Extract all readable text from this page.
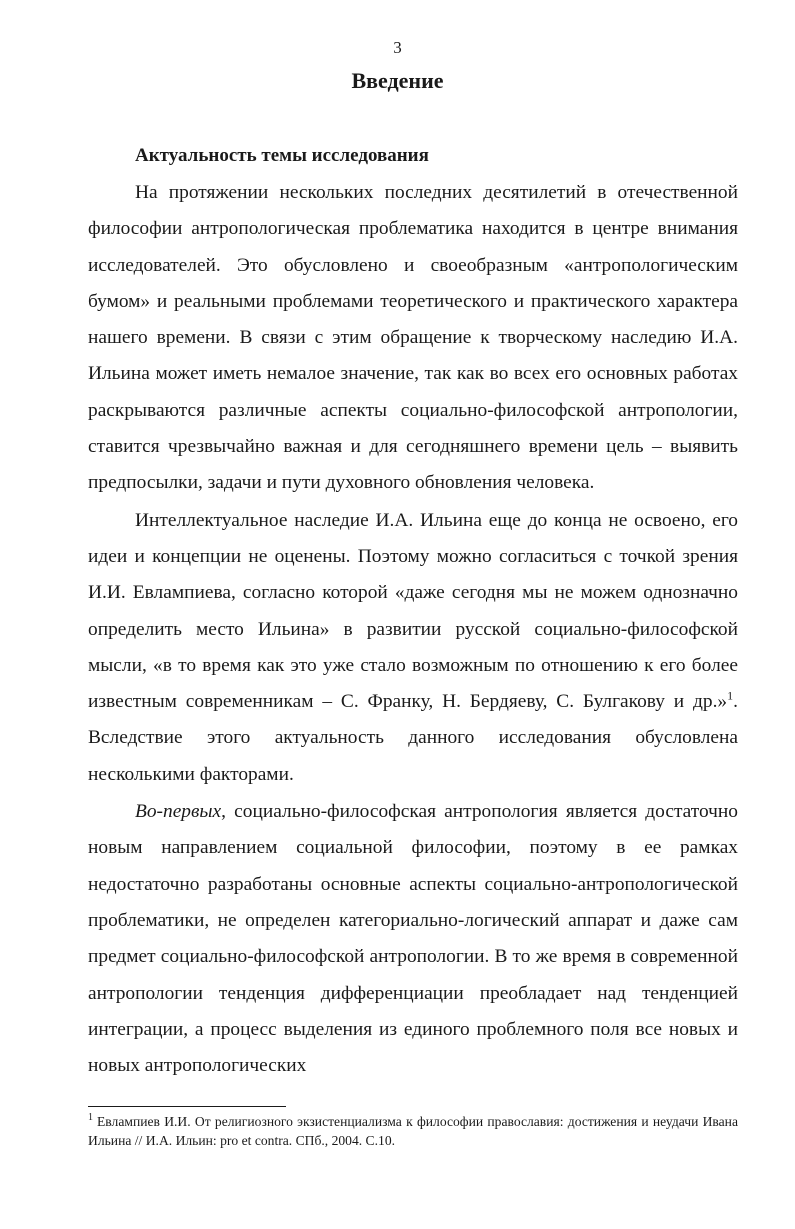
3
Введение
Актуальность темы исследования

На протяжении нескольких последних десятилетий в отечественной философии антропологическая проблематика находится в центре внимания исследователей. Это обусловлено и своеобразным «антропологическим бумом» и реальными проблемами теоретического и практического характера нашего времени. В связи с этим обращение к творческому наследию И.А. Ильина может иметь немалое значение, так как во всех его основных работах раскрываются различные аспекты социально-философской антропологии, ставится чрезвычайно важная и для сегодняшнего времени цель – выявить предпосылки, задачи и пути духовного обновления человека.

Интеллектуальное наследие И.А. Ильина еще до конца не освоено, его идеи и концепции не оценены. Поэтому можно согласиться с точкой зрения И.И. Евлампиева, согласно которой «даже сегодня мы не можем однозначно определить место Ильина» в развитии русской социально-философской мысли, «в то время как это уже стало возможным по отношению к его более известным современникам – С. Франку, Н. Бердяеву, С. Булгакову и др.»$^1$. Вследствие этого актуальность данного исследования обусловлена несколькими факторами.

Во-первых, социально-философская антропология является достаточно новым направлением социальной философии, поэтому в ее рамках недостаточно разработаны основные аспекты социально-антропологической проблематики, не определен категориально-логический аппарат и даже сам предмет социально-философской антропологии. В то же время в современной антропологии тенденция дифференциации преобладает над тенденцией интеграции, а процесс выделения из единого проблемного поля все новых и новых антропологических

$^1$ Евлампиев И.И. От религиозного экзистенциализма к философии православия: достижения и неудачи Ивана Ильина // И.А. Ильин: pro et contra. СПб., 2004. С.10.
